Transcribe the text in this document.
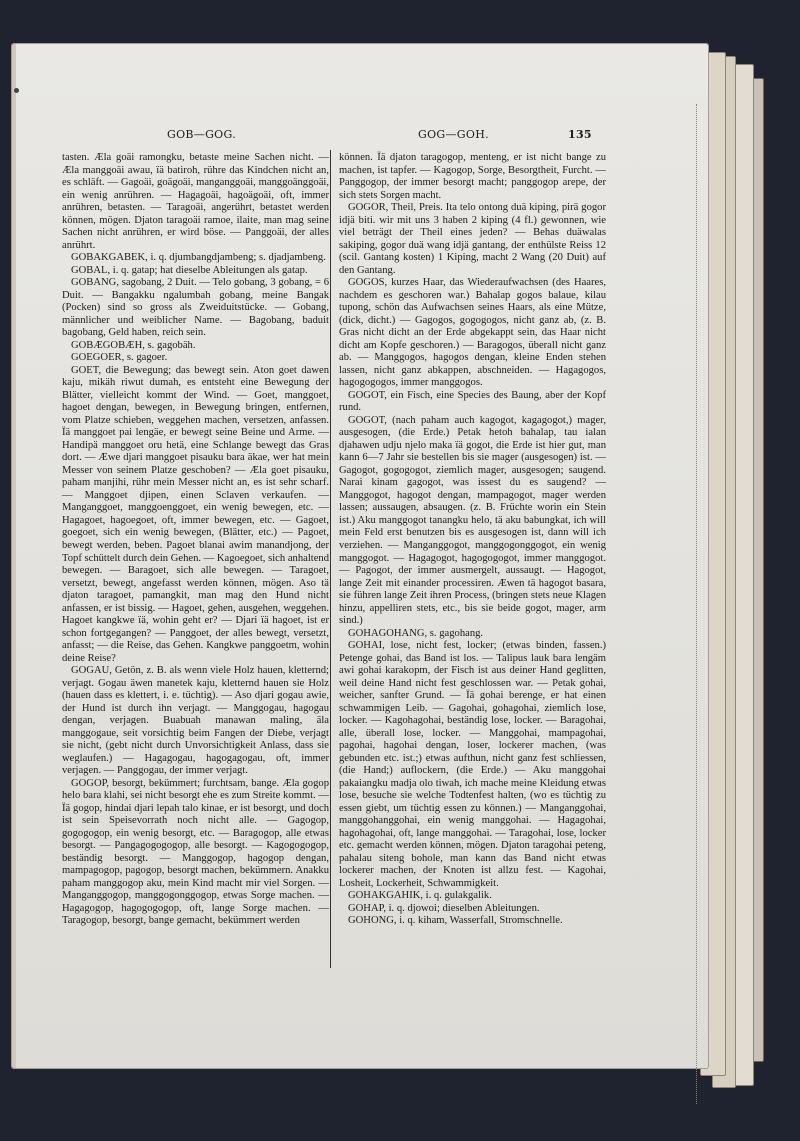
GOB—GOG.	GOG—GOH.	135

tasten. Æla goäi ramongku, betaste meine Sachen nicht. — Æla manggoäi awau, ïä batiroh, rühre das Kindchen nicht an, es schläft. — Gagoäi, goägoäi, manganggoäi, manggoänggoäi, ein wenig anrühren. — Hagagoäi, hagoägoäi, oft, immer anrühren, betasten. — Taragoäi, angerührt, betastet werden können, mögen. Djaton taragoäi ramoe, ilaite, man mag seine Sachen nicht anrühren, er wird böse. — Panggoäi, der alles anrührt.

GOBAKGABEK, i. q. djumbangdjambeng; s. djadjambeng.

GOBAL, i. q. gatap; hat dieselbe Ableitungen als gatap.

GOBANG, sagobang, 2 Duit. — Telo gobang, 3 gobang, = 6 Duit. — Bangakku ngalumbah gobang, meine Bangak (Pocken) sind so gross als Zweiduitstücke. — Gobang, männlicher und weiblicher Name. — Bagobang, baduit bagobang, Geld haben, reich sein.

GOBÆGOBÆH, s. gagobäh.

GOEGOER, s. gagoer.

GOET, die Bewegung; das bewegt sein. Aton goet dawen kaju, mikäh riwut dumah, es entsteht eine Bewegung der Blätter, vielleicht kommt der Wind. — Goet, manggoet, hagoet dengan, bewegen, in Bewegung bringen, entfernen, vom Platze schieben, weggehen machen, versetzen, anfassen. Ïä manggoet pai lengäe, er bewegt seine Beine und Arme. — Handipä manggoet oru hetä, eine Schlange bewegt das Gras dort. — Æwe djari manggoet pisauku bara äkae, wer hat mein Messer von seinem Platze geschoben? — Æla goet pisauku, paham manjihi, rühr mein Messer nicht an, es ist sehr scharf. — Manggoet djipen, einen Sclaven verkaufen. — Manganggoet, manggoenggoet, ein wenig bewegen, etc. — Hagagoet, hagoegoet, oft, immer bewegen, etc. — Gagoet, goegoet, sich ein wenig bewegen, (Blätter, etc.) — Pagoet, bewegt werden, beben. Pagoet blanai awim manandjong, der Topf schüttelt durch dein Gehen. — Kagoegoet, sich anhaltend bewegen. — Baragoet, sich alle bewegen. — Taragoet, versetzt, bewegt, angefasst werden können, mögen. Aso tä djaton taragoet, pamangkit, man mag den Hund nicht anfassen, er ist bissig. — Hagoet, gehen, ausgehen, weggehen. Hagoet kangkwe ïä, wohin geht er? — Djari ïä hagoet, ist er schon fortgegangen? — Panggoet, der alles bewegt, versetzt, anfasst; — die Reise, das Gehen. Kangkwe panggoetm, wohin deine Reise?

GOGAU, Getön, z. B. als wenn viele Holz hauen, kletternd; verjagt. Gogau äwen manetek kaju, kletternd hauen sie Holz (hauen dass es klettert, i. e. tüchtig). — Aso djari gogau awie, der Hund ist durch ihn verjagt. — Manggogau, hagogau dengan, verjagen. Buabuah manawan maling, äla manggogaue, seit vorsichtig beim Fangen der Diebe, verjagt sie nicht, (gebt nicht durch Unvorsichtigkeit Anlass, dass sie weglaufen.) — Hagagogau, hagogagogau, oft, immer verjagen. — Panggogau, der immer verjagt.

GOGOP, besorgt, bekümmert; furchtsam, bange. Æla gogop helo bara klahi, sei nicht besorgt ehe es zum Streite kommt. — Ïä gogop, hindai djari lepah talo kinae, er ist besorgt, und doch ist sein Speisevorrath noch nicht alle. — Gagogop, gogogogop, ein wenig besorgt, etc. — Baragogop, alle etwas besorgt. — Pangagogogogop, alle besorgt. — Kagogogogop, beständig besorgt. — Manggogop, hagogop dengan, mampagogop, pagogop, besorgt machen, bekümmern. Anakku paham manggogop aku, mein Kind macht mir viel Sorgen. — Manganggogop, manggogonggogop, etwas Sorge machen. — Hagagogop, hagogogogop, oft, lange Sorge machen. — Taragogop, besorgt, bange gemacht, bekümmert werden

können. Ïä djaton taragogop, menteng, er ist nicht bange zu machen, ist tapfer. — Kagogop, Sorge, Besorgtheit, Furcht. — Panggogop, der immer besorgt macht; panggogop arepe, der sich stets Sorgen macht.

GOGOR, Theil, Preis. Ita telo ontong duä kiping, pirä gogor idjä biti. wir mit uns 3 haben 2 kiping (4 fl.) gewonnen, wie viel beträgt der Theil eines jeden? — Behas duäwalas sakiping, gogor duä wang idjä gantang, der enthülste Reiss 12 (scil. Gantang kosten) 1 Kiping, macht 2 Wang (20 Duit) auf den Gantang.

GOGOS, kurzes Haar, das Wiederaufwachsen (des Haares, nachdem es geschoren war.) Bahalap gogos balaue, kilau tupong, schön das Aufwachsen seines Haars, als eine Mütze, (dick, dicht.) — Gagogos, gogogogos, nicht ganz ab, (z. B. Gras nicht dicht an der Erde abgekappt sein, das Haar nicht dicht am Kopfe geschoren.) — Baragogos, überall nicht ganz ab. — Manggogos, hagogos dengan, kleine Enden stehen lassen, nicht ganz abkappen, abschneiden. — Hagagogos, hagogogogos, immer manggogos.

GOGOT, ein Fisch, eine Species des Baung, aber der Kopf rund.

GOGOT, (nach paham auch kagogot, kagagogot,) mager, ausgesogen, (die Erde.) Petak hetoh bahalap, tau ialan djahawen udju njelo maka ïä gogot, die Erde ist hier gut, man kann 6—7 Jahr sie bestellen bis sie mager (ausgesogen) ist. — Gagogot, gogogogot, ziemlich mager, ausgesogen; saugend. Narai kinam gagogot, was issest du es saugend? — Manggogot, hagogot dengan, mampagogot, mager werden lassen; aussaugen, absaugen. (z. B. Früchte worin ein Stein ist.) Aku manggogot tanangku helo, tä aku babungkat, ich will mein Feld erst benutzen bis es ausgesogen ist, dann will ich verziehen. — Manganggogot, manggogonggogot, ein wenig manggogot. — Hagagogot, hagogogogot, immer manggogot. — Pagogot, der immer ausmergelt, aussaugt. — Hagogot, lange Zeit mit einander processiren. Æwen tä hagogot basara, sie führen lange Zeit ihren Process, (bringen stets neue Klagen hinzu, appelliren stets, etc., bis sie beide gogot, mager, arm sind.)

GOHAGOHANG, s. gagohang.

GOHAI, lose, nicht fest, locker; (etwas binden, fassen.) Petenge gohai, das Band ist los. — Talipus lauk bara lengäm awi gohai karakopm, der Fisch ist aus deiner Hand geglitten, weil deine Hand nicht fest geschlossen war. — Petak gohai, weicher, sanfter Grund. — Ïä gohai berenge, er hat einen schwammigen Leib. — Gagohai, gohagohai, ziemlich lose, locker. — Kagohagohai, beständig lose, locker. — Baragohai, alle, überall lose, locker. — Manggohai, mampagohai, pagohai, hagohai dengan, loser, lockerer machen, (was gebunden etc. ist.;) etwas aufthun, nicht ganz fest schliessen, (die Hand;) auflockern, (die Erde.) — Aku manggohai pakaiangku madja olo tiwah, ich mache meine Kleidung etwas lose, besuche sie welche Todtenfest halten, (wo es tüchtig zu essen giebt, um tüchtig essen zu können.) — Manganggohai, manggohanggohai, ein wenig manggohai. — Hagagohai, hagohagohai, oft, lange manggohai. — Taragohai, lose, locker etc. gemacht werden können, mögen. Djaton taragohai peteng, pahalau siteng bohole, man kann das Band nicht etwas lockerer machen, der Knoten ist allzu fest. — Kagohai, Losheit, Lockerheit, Schwammigkeit.

GOHAKGAHIK, i. q. gulakgalik.

GOHAP, i. q. djowoi; dieselben Ableitungen.

GOHONG, i. q. kiham, Wasserfall, Stromschnelle.
